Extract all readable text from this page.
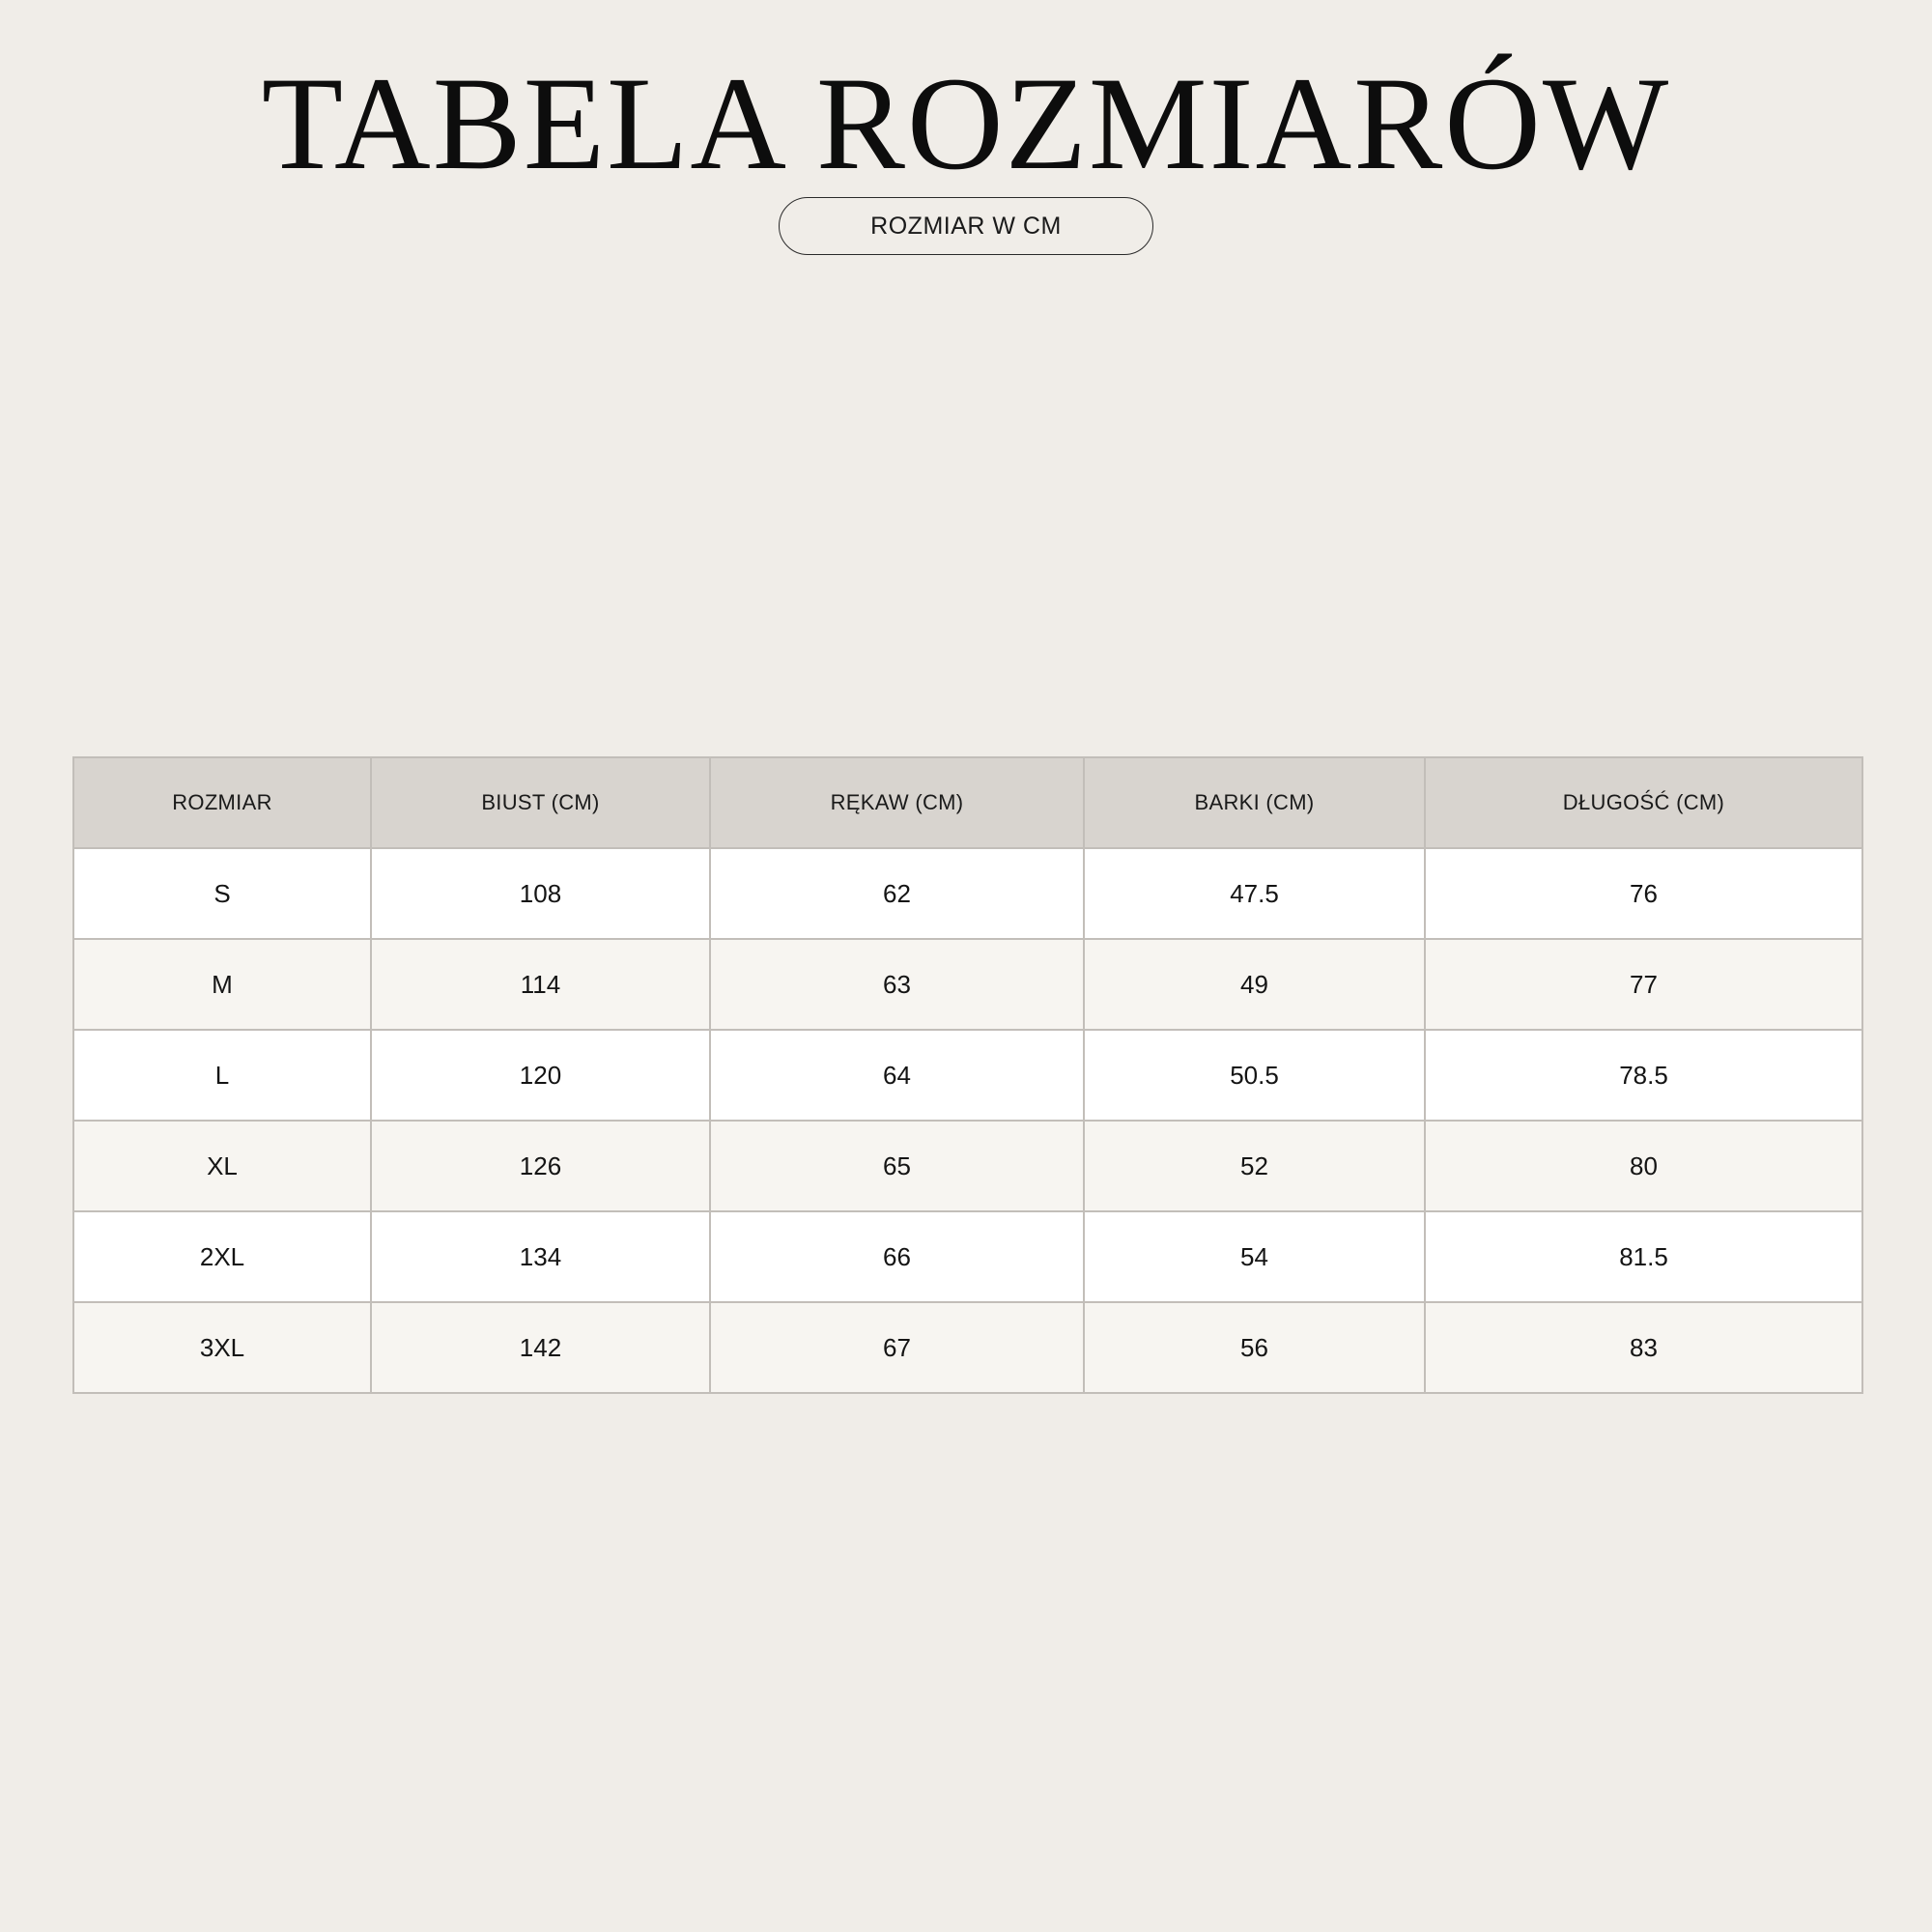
TABELA ROZMIARÓW
ROZMIAR W CM
ROZMIAR	BIUST (CM)	RĘKAW (CM)	BARKI (CM)	DŁUGOŚĆ (CM)
S	108	62	47.5	76
M	114	63	49	77
L	120	64	50.5	78.5
XL	126	65	52	80
2XL	134	66	54	81.5
3XL	142	67	56	83
